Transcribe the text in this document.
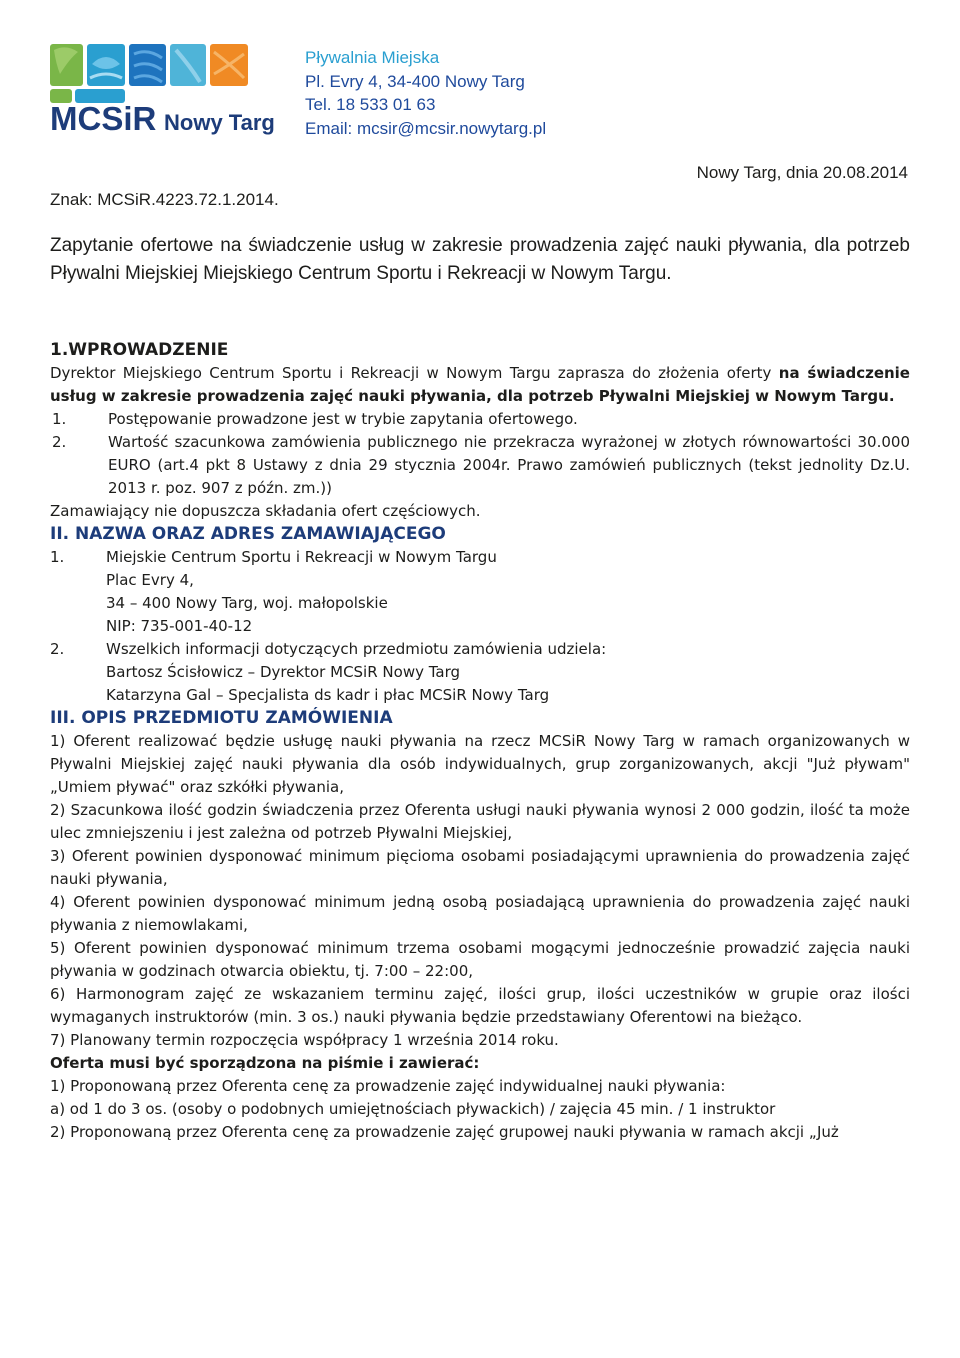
MCSiR Nowy Targ
Pływalnia Miejska
Pl. Evry 4, 34-400 Nowy Targ
Tel. 18 533 01 63
Email: mcsir@mcsir.nowytarg.pl
Nowy Targ, dnia 20.08.2014
Znak: MCSiR.4223.72.1.2014.
Zapytanie ofertowe na świadczenie usług w zakresie prowadzenia zajęć nauki pływania, dla potrzeb Pływalni Miejskiej Miejskiego Centrum Sportu i Rekreacji w Nowym Targu.

1.WPROWADZENIE

Dyrektor Miejskiego Centrum Sportu i Rekreacji w Nowym Targu zaprasza do złożenia oferty na świadczenie usług w zakresie prowadzenia zajęć nauki pływania, dla potrzeb Pływalni Miejskiej w Nowym Targu.

1.	Postępowanie prowadzone jest w trybie zapytania ofertowego.
2.	Wartość szacunkowa zamówienia publicznego nie przekracza wyrażonej w złotych równowartości 30.000 EURO (art.4 pkt 8 Ustawy z dnia 29 stycznia 2004r. Prawo zamówień publicznych (tekst jednolity Dz.U. 2013 r. poz. 907 z późn. zm.))

Zamawiający nie dopuszcza składania ofert częściowych.

II. NAZWA ORAZ ADRES ZAMAWIAJĄCEGO

1.	Miejskie Centrum Sportu i Rekreacji w Nowym Targu

Plac Evry 4,

34 – 400 Nowy Targ, woj. małopolskie

NIP: 735-001-40-12

2.	Wszelkich informacji dotyczących przedmiotu zamówienia udziela:

Bartosz Ścisłowicz – Dyrektor MCSiR Nowy Targ

Katarzyna Gal – Specjalista ds kadr i płac MCSiR Nowy Targ

III. OPIS PRZEDMIOTU ZAMÓWIENIA

1) Oferent realizować będzie usługę nauki pływania na rzecz MCSiR Nowy Targ w ramach organizowanych w Pływalni Miejskiej zajęć nauki pływania dla osób indywidualnych, grup zorganizowanych, akcji "Już pływam" „Umiem pływać" oraz szkółki pływania,

2) Szacunkowa ilość godzin świadczenia przez Oferenta usługi nauki pływania wynosi 2 000 godzin, ilość ta może ulec zmniejszeniu i jest zależna od potrzeb Pływalni Miejskiej,

3) Oferent powinien dysponować minimum pięcioma osobami posiadającymi uprawnienia do prowadzenia zajęć nauki pływania,

4) Oferent powinien dysponować minimum jedną osobą posiadającą uprawnienia do prowadzenia zajęć nauki pływania z niemowlakami,

5) Oferent powinien dysponować minimum trzema osobami mogącymi jednocześnie prowadzić zajęcia nauki pływania w godzinach otwarcia obiektu, tj. 7:00 – 22:00,

6) Harmonogram zajęć ze wskazaniem terminu zajęć, ilości grup, ilości uczestników w grupie oraz ilości wymaganych instruktorów (min. 3 os.) nauki pływania będzie przedstawiany Oferentowi na bieżąco.

7) Planowany termin rozpoczęcia współpracy 1 września 2014 roku.

Oferta musi być sporządzona na piśmie i zawierać:

1) Proponowaną przez Oferenta cenę za prowadzenie zajęć indywidualnej nauki pływania:

a) od 1 do 3 os. (osoby o podobnych umiejętnościach pływackich) / zajęcia 45 min. / 1 instruktor

2) Proponowaną przez Oferenta cenę za prowadzenie zajęć grupowej nauki pływania w ramach akcji „Już
